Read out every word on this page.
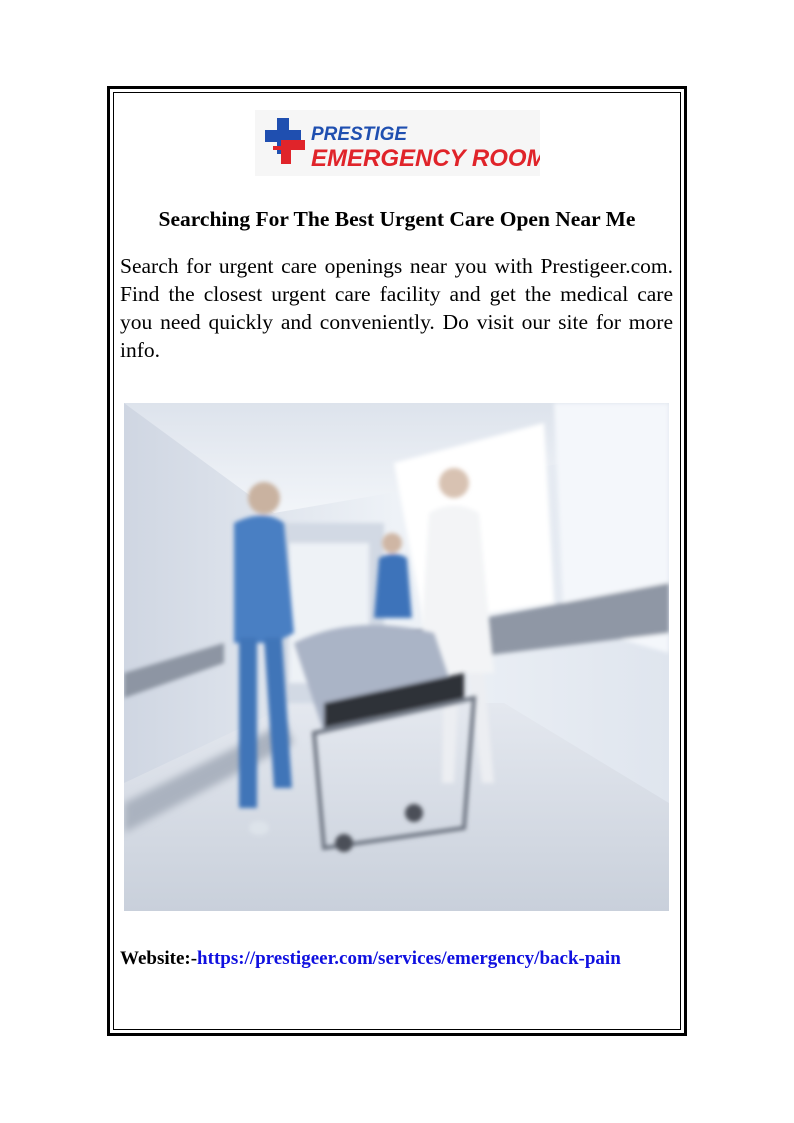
PRESTIGE
EMERGENCY ROOM
Searching For The Best Urgent Care Open Near Me

Search for urgent care openings near you with Prestigeer.com. Find the closest urgent care facility and get the medical care you need quickly and conveniently. Do visit our site for more info.

Website:-https://prestigeer.com/services/emergency/back-pain
